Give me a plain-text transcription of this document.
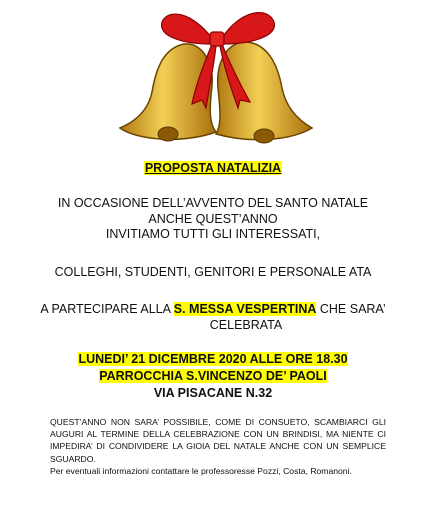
PROPOSTA NATALIZIA
IN OCCASIONE DELL’AVVENTO DEL SANTO NATALE
ANCHE QUEST’ANNO
INVITIAMO TUTTI GLI INTERESSATI,
COLLEGHI, STUDENTI, GENITORI E PERSONALE ATA
A PARTECIPARE ALLA S. MESSA VESPERTINA CHE SARA’
CELEBRATA
LUNEDI’ 21 DICEMBRE 2020 ALLE ORE 18.30
PARROCCHIA S.VINCENZO DE’ PAOLI
VIA PISACANE N.32

QUEST’ANNO NON SARA’ POSSIBILE, COME DI CONSUETO, SCAMBIARCI GLI AUGURI AL TERMINE DELLA CELEBRAZIONE CON UN BRINDISI, MA NIENTE CI IMPEDIRA’ DI CONDIVIDERE LA GIOIA DEL NATALE ANCHE CON UN SEMPLICE SGUARDO.

Per eventuali informazioni contattare le professoresse Pozzi, Costa, Romanoni.
